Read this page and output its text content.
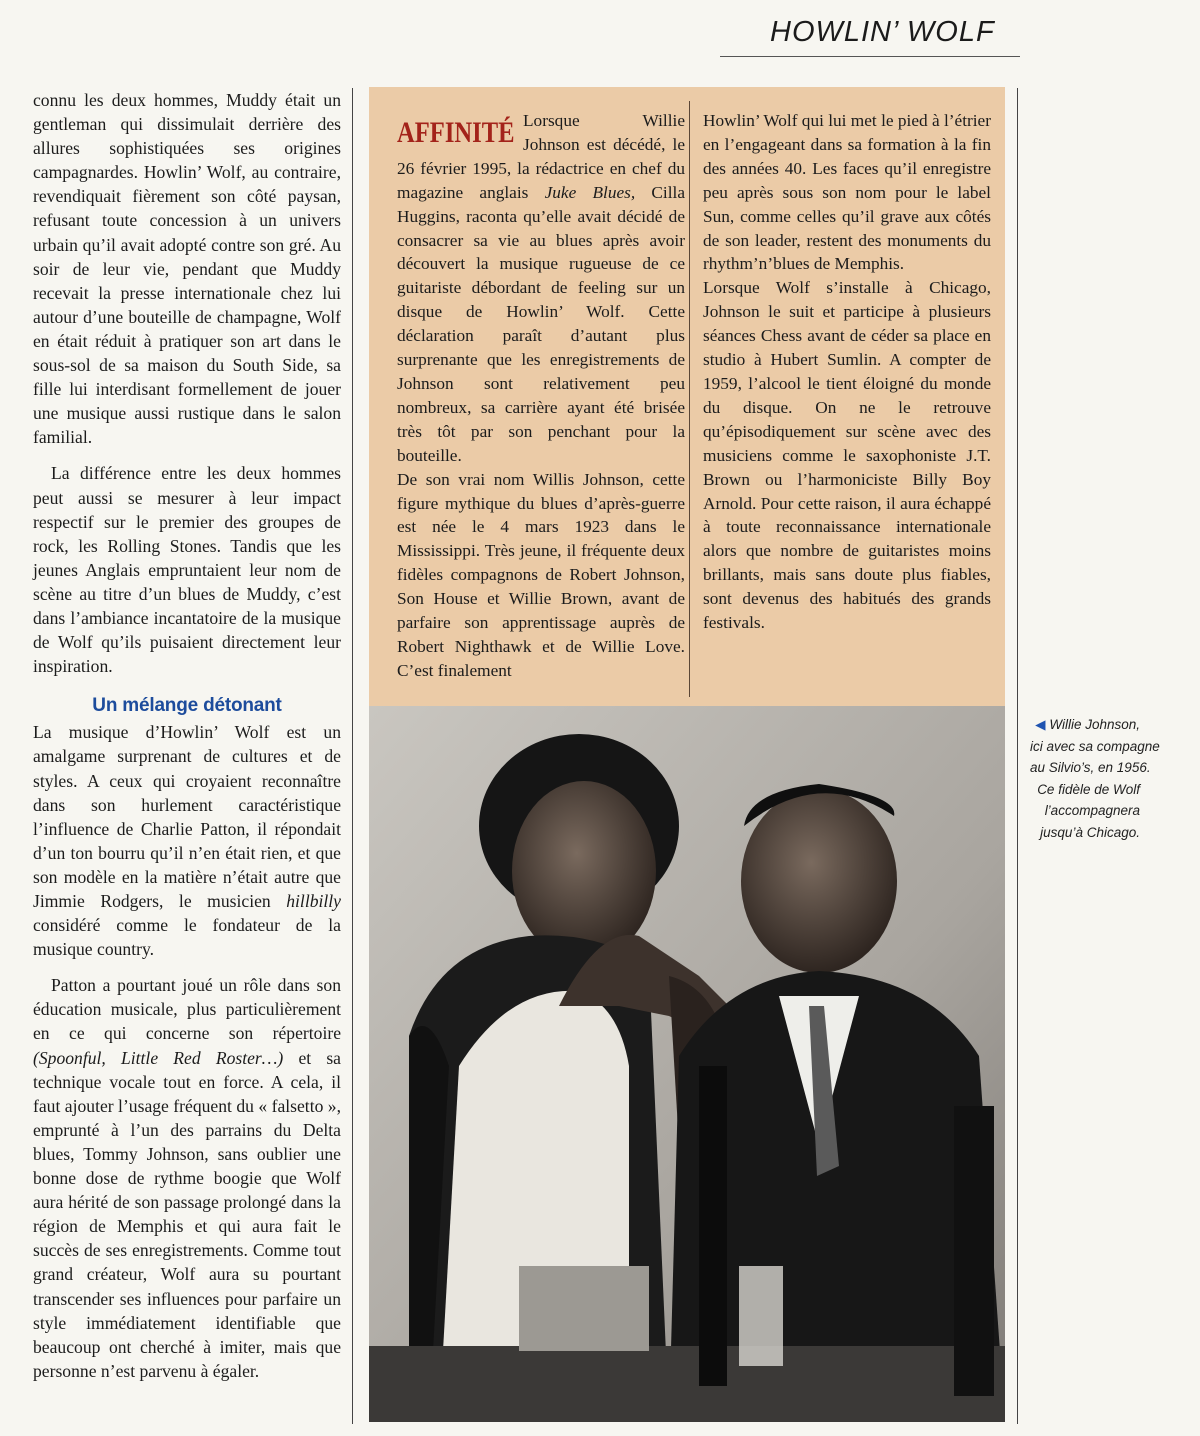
HOWLIN’ WOLF

connu les deux hommes, Muddy était un gentleman qui dissimulait derrière des allures sophistiquées ses origines campagnardes. Howlin’ Wolf, au contraire, revendiquait fièrement son côté paysan, refusant toute concession à un univers urbain qu’il avait adopté contre son gré. Au soir de leur vie, pendant que Muddy recevait la presse internationale chez lui autour d’une bouteille de champagne, Wolf en était réduit à pratiquer son art dans le sous-sol de sa maison du South Side, sa fille lui interdisant formellement de jouer une musique aussi rustique dans le salon familial.

La différence entre les deux hommes peut aussi se mesurer à leur impact respectif sur le premier des groupes de rock, les Rolling Stones. Tandis que les jeunes Anglais empruntaient leur nom de scène au titre d’un blues de Muddy, c’est dans l’ambiance incantatoire de la musique de Wolf qu’ils puisaient directement leur inspiration.

Un mélange détonant

La musique d’Howlin’ Wolf est un amalgame surprenant de cultures et de styles. A ceux qui croyaient reconnaître dans son hurlement caractéristique l’influence de Charlie Patton, il répondait d’un ton bourru qu’il n’en était rien, et que son modèle en la matière n’était autre que Jimmie Rodgers, le musicien hillbilly considéré comme le fondateur de la musique country.

Patton a pourtant joué un rôle dans son éducation musicale, plus particulièrement en ce qui concerne son répertoire (Spoonful, Little Red Roster…) et sa technique vocale tout en force. A cela, il faut ajouter l’usage fréquent du « falsetto », emprunté à l’un des parrains du Delta blues, Tommy Johnson, sans oublier une bonne dose de rythme boogie que Wolf aura hérité de son passage prolongé dans la région de Memphis et qui aura fait le succès de ses enregistrements. Comme tout grand créateur, Wolf aura su pourtant transcender ses influences pour parfaire un style immédiatement identifiable que beaucoup ont cherché à imiter, mais que personne n’est parvenu à égaler.

AFFINITÉ Lorsque Willie Johnson est décédé, le 26 février 1995, la rédactrice en chef du magazine anglais Juke Blues, Cilla Huggins, raconta qu’elle avait décidé de consacrer sa vie au blues après avoir découvert la musique rugueuse de ce guitariste débordant de feeling sur un disque de Howlin’ Wolf. Cette déclaration paraît d’autant plus surprenante que les enregistrements de Johnson sont relativement peu nombreux, sa carrière ayant été brisée très tôt par son penchant pour la bouteille.

De son vrai nom Willis Johnson, cette figure mythique du blues d’après-guerre est née le 4 mars 1923 dans le Mississippi. Très jeune, il fréquente deux fidèles compagnons de Robert Johnson, Son House et Willie Brown, avant de parfaire son apprentissage auprès de Robert Nighthawk et de Willie Love. C’est finalement

Howlin’ Wolf qui lui met le pied à l’étrier en l’engageant dans sa formation à la fin des années 40. Les faces qu’il enregistre peu après sous son nom pour le label Sun, comme celles qu’il grave aux côtés de son leader, restent des monuments du rhythm’n’blues de Memphis.

Lorsque Wolf s’installe à Chicago, Johnson le suit et participe à plusieurs séances Chess avant de céder sa place en studio à Hubert Sumlin. A compter de 1959, l’alcool le tient éloigné du monde du disque. On ne le retrouve qu’épisodiquement sur scène avec des musiciens comme le saxophoniste J.T. Brown ou l’harmoniciste Billy Boy Arnold. Pour cette raison, il aura échappé à toute reconnaissance internationale alors que nombre de guitaristes moins brillants, mais sans doute plus fiables, sont devenus des habitués des grands festivals.

◀ Willie Johnson,
ici avec sa compagne
au Silvio’s, en 1956.
Ce fidèle de Wolf
l’accompagnera
jusqu’à Chicago.
